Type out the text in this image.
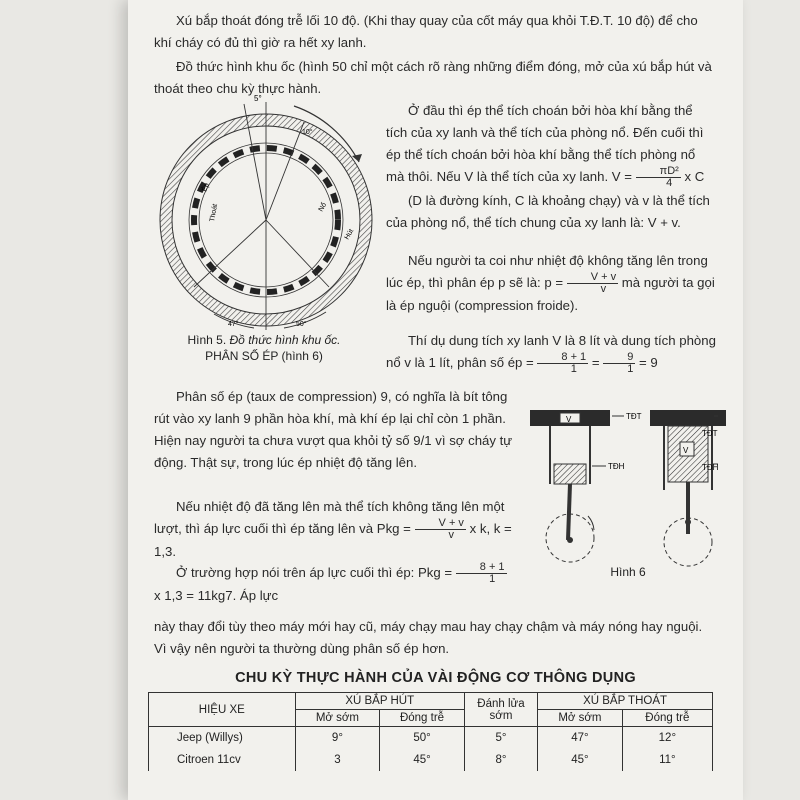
Xú bắp thoát đóng trễ lối 10 độ. (Khi thay quay của cốt máy qua khỏi T.Đ.T. 10 độ) để cho khí cháy có đủ thì giờ ra hết xy lanh.
Đồ thức hình khu ốc (hình 50 chỉ một cách rõ ràng những điểm đóng, mở của xú bắp hút và thoát theo chu kỳ thực hành.
5°
10°
Ép
Thoát
Hút
Nổ
47°	50°
Ở đầu thì ép thể tích choán bởi hòa khí bằng thể tích của xy lanh và thể tích của phòng nổ. Đến cuối thì ép thể tích choán bởi hòa khí bằng thể tích phòng nổ mà thôi. Nếu V là thể tích của xy lanh. $V = \frac{\text{πD²}}{4}$ x C
(D là đường kính, C là khoảng chạy) và v là thể tích của phòng nổ, thể tích chung của xy lanh là: V + v.
Nếu người ta coi như nhiệt độ không tăng lên trong lúc ép, thì phân ép p sẽ là: $p = \frac{V + v}{v}$ mà người ta gọi là ép nguội (compression froide).
Hình 5. Đồ thức hình khu ốc.
PHÂN SỐ ÉP (hình 6)
Thí dụ dung tích xy lanh V là 8 lít và dung tích phòng nổ v là 1 lít, phân số ép = $\frac{8 + 1}{1} = \frac{9}{1} = 9$
Phân số ép (taux de compression) 9, có nghĩa là bít tông rút vào xy lanh 9 phần hòa khí, mà khí ép lại chỉ còn 1 phần. Hiện nay người ta chưa vượt qua khỏi tỷ số 9/1 vì sợ cháy tự động. Thật sự, trong lúc ép nhiệt độ tăng lên.
V	TĐT
TĐH
V
TĐT
TĐH
Hình 6
Nếu nhiệt độ đã tăng lên mà thể tích không tăng lên một lượt, thì áp lực cuối thì ép tăng lên và Pkg = $\frac{V + v}{v}$ x k, k = 1,3.
Ở trường hợp nói trên áp lực cuối thì ép: Pkg = $\frac{8 + 1}{1}$
x 1,3 = 11kg7. Áp lực
này thay đổi tùy theo máy mới hay cũ, máy chạy mau hay chạy chậm và máy nóng hay nguội. Vì vậy nên người ta thường dùng phân số ép hơn.
CHU KỲ THỰC HÀNH CỦA VÀI ĐỘNG CƠ THÔNG DỤNG
HIỆU XE	XÚ BẮP HÚT		Đánh lửa sớm	XÚ BẮP THOÁT	
	Mở sớm	Đóng trễ		Mở sớm	Đóng trễ
Jeep (Willys)	9°	50°	5°	47°	12°
Citroen 11cv	3	45°	8°	45°	11°
